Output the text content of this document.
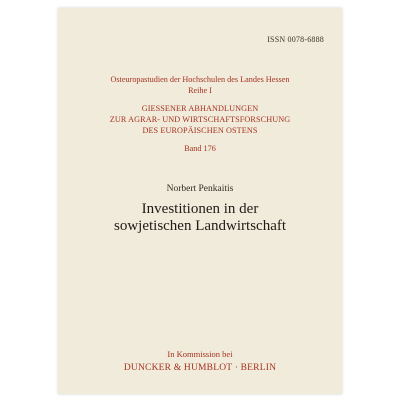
ISSN 0078-6888
Osteuropastudien der Hochschulen des Landes Hessen
Reihe I
GIESSENER ABHANDLUNGEN
ZUR AGRAR- UND WIRTSCHAFTSFORSCHUNG
DES EUROPÄISCHEN OSTENS
Band 176
Norbert Penkaitis
Investitionen in der
sowjetischen Landwirtschaft
In Kommission bei
DUNCKER & HUMBLOT · BERLIN
